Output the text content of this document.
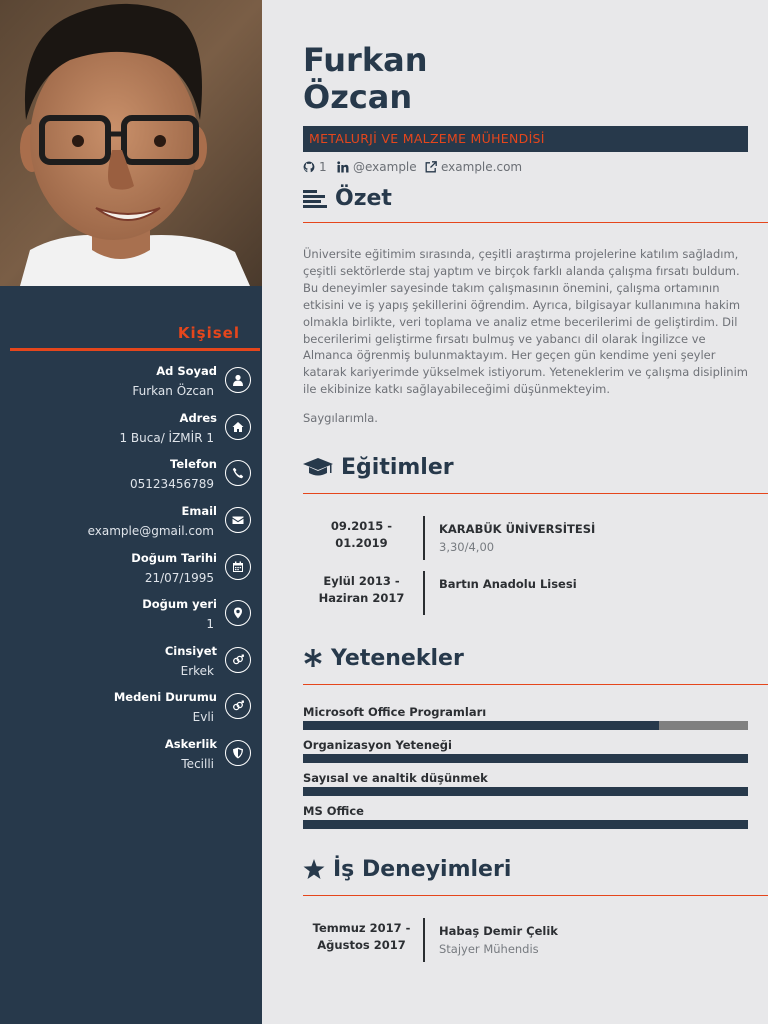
Kişisel
Ad Soyad
Furkan Özcan
Adres
1 Buca/ İZMİR 1
Telefon
05123456789
Email
example@gmail.com
Doğum Tarihi
21/07/1995
Doğum yeri
1
Cinsiyet
Erkek
Medeni Durumu
Evli
Askerlik
Tecilli
Furkan
Özcan
METALURJİ VE MALZEME MÜHENDİSİ
1 @example example.com
Özet

Üniversite eğitimim sırasında, çeşitli araştırma projelerine katılım sağladım, çeşitli sektörlerde staj yaptım ve birçok farklı alanda çalışma fırsatı buldum. Bu deneyimler sayesinde takım çalışmasının önemini, çalışma ortamının etkisini ve iş yapış şekillerini öğrendim. Ayrıca, bilgisayar kullanımına hakim olmakla birlikte, veri toplama ve analiz etme becerilerimi de geliştirdim. Dil becerilerimi geliştirme fırsatı bulmuş ve yabancı dil olarak İngilizce ve Almanca öğrenmiş bulunmaktayım. Her geçen gün kendime yeni şeyler katarak kariyerimde yükselmek istiyorum. Yeteneklerim ve çalışma disiplinim ile ekibinize katkı sağlayabileceğimi düşünmekteyim.

Saygılarımla.

Eğitimler
09.2015 -
01.2019
KARABÜK ÜNİVERSİTESİ
3,30/4,00
Eylül 2013 -
Haziran 2017
Bartın Anadolu Lisesi
Yetenekler
Microsoft Office Programları
Organizasyon Yeteneği
Sayısal ve analtik düşünmek
MS Office
İş Deneyimleri
Temmuz 2017 -
Ağustos 2017
Habaş Demir Çelik
Stajyer Mühendis
